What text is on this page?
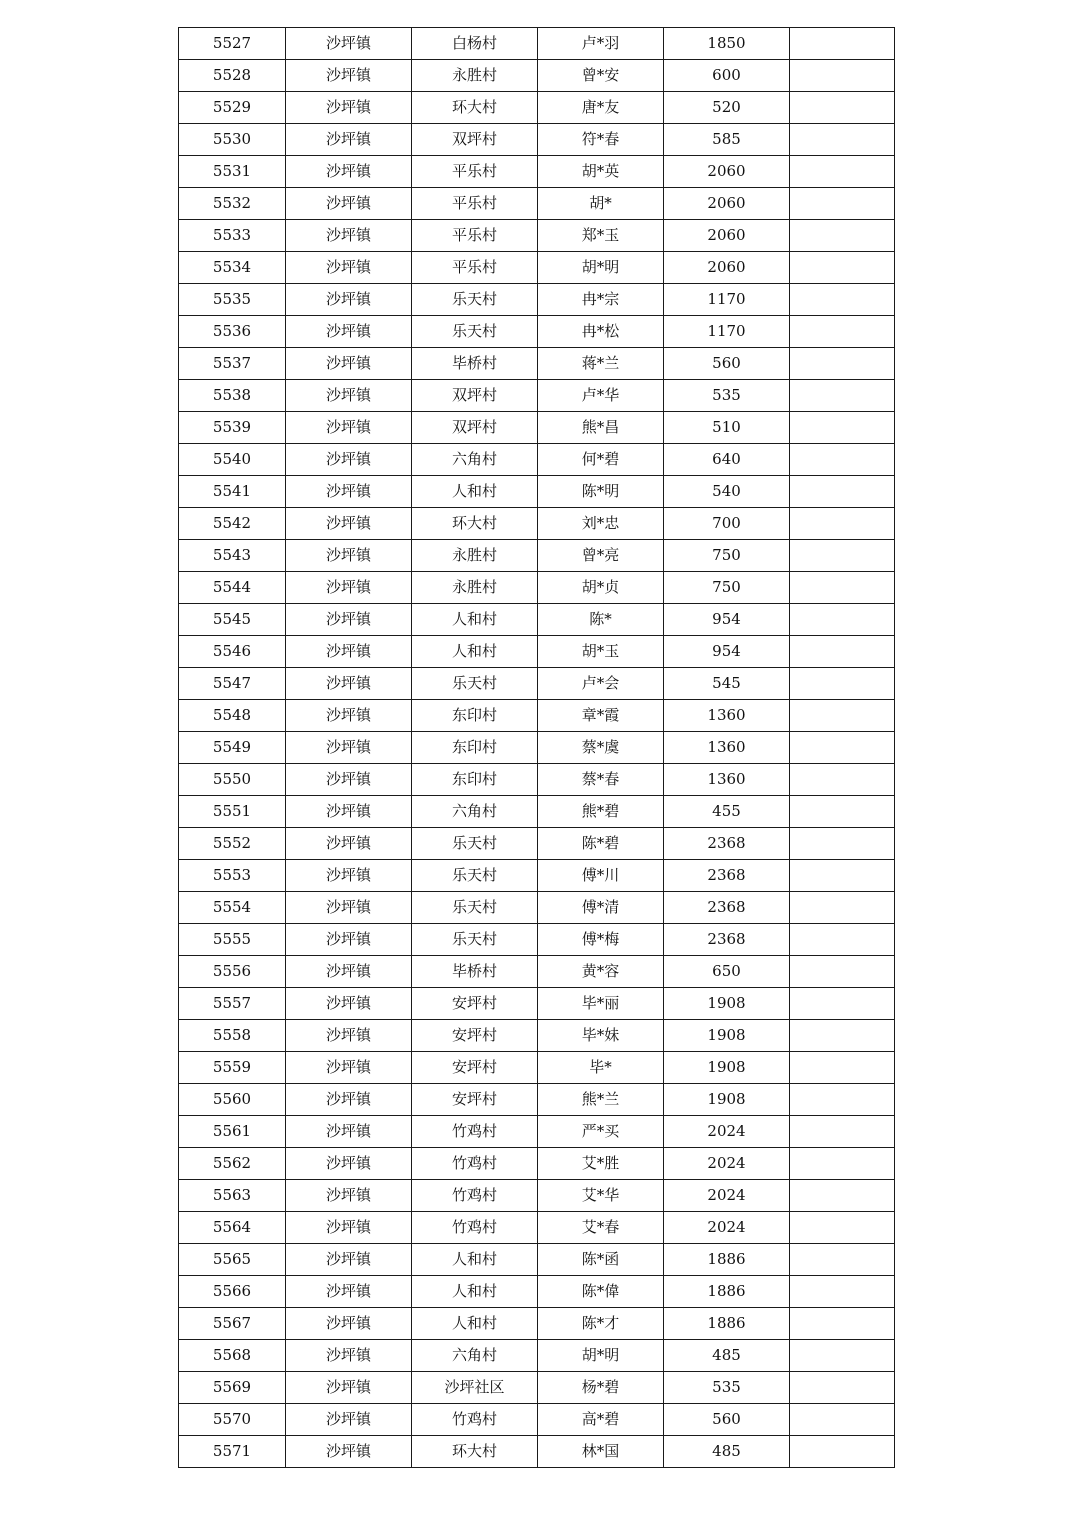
5527	沙坪镇	白杨村	卢*羽	1850	
5528	沙坪镇	永胜村	曾*安	600	
5529	沙坪镇	环大村	唐*友	520	
5530	沙坪镇	双坪村	符*春	585	
5531	沙坪镇	平乐村	胡*英	2060	
5532	沙坪镇	平乐村	胡*	2060	
5533	沙坪镇	平乐村	郑*玉	2060	
5534	沙坪镇	平乐村	胡*明	2060	
5535	沙坪镇	乐天村	冉*宗	1170	
5536	沙坪镇	乐天村	冉*松	1170	
5537	沙坪镇	毕桥村	蒋*兰	560	
5538	沙坪镇	双坪村	卢*华	535	
5539	沙坪镇	双坪村	熊*昌	510	
5540	沙坪镇	六角村	何*碧	640	
5541	沙坪镇	人和村	陈*明	540	
5542	沙坪镇	环大村	刘*忠	700	
5543	沙坪镇	永胜村	曾*亮	750	
5544	沙坪镇	永胜村	胡*贞	750	
5545	沙坪镇	人和村	陈*	954	
5546	沙坪镇	人和村	胡*玉	954	
5547	沙坪镇	乐天村	卢*会	545	
5548	沙坪镇	东印村	章*霞	1360	
5549	沙坪镇	东印村	蔡*虞	1360	
5550	沙坪镇	东印村	蔡*春	1360	
5551	沙坪镇	六角村	熊*碧	455	
5552	沙坪镇	乐天村	陈*碧	2368	
5553	沙坪镇	乐天村	傅*川	2368	
5554	沙坪镇	乐天村	傅*清	2368	
5555	沙坪镇	乐天村	傅*梅	2368	
5556	沙坪镇	毕桥村	黄*容	650	
5557	沙坪镇	安坪村	毕*丽	1908	
5558	沙坪镇	安坪村	毕*妹	1908	
5559	沙坪镇	安坪村	毕*	1908	
5560	沙坪镇	安坪村	熊*兰	1908	
5561	沙坪镇	竹鸡村	严*买	2024	
5562	沙坪镇	竹鸡村	艾*胜	2024	
5563	沙坪镇	竹鸡村	艾*华	2024	
5564	沙坪镇	竹鸡村	艾*春	2024	
5565	沙坪镇	人和村	陈*函	1886	
5566	沙坪镇	人和村	陈*偉	1886	
5567	沙坪镇	人和村	陈*才	1886	
5568	沙坪镇	六角村	胡*明	485	
5569	沙坪镇	沙坪社区	杨*碧	535	
5570	沙坪镇	竹鸡村	高*碧	560	
5571	沙坪镇	环大村	林*国	485	
